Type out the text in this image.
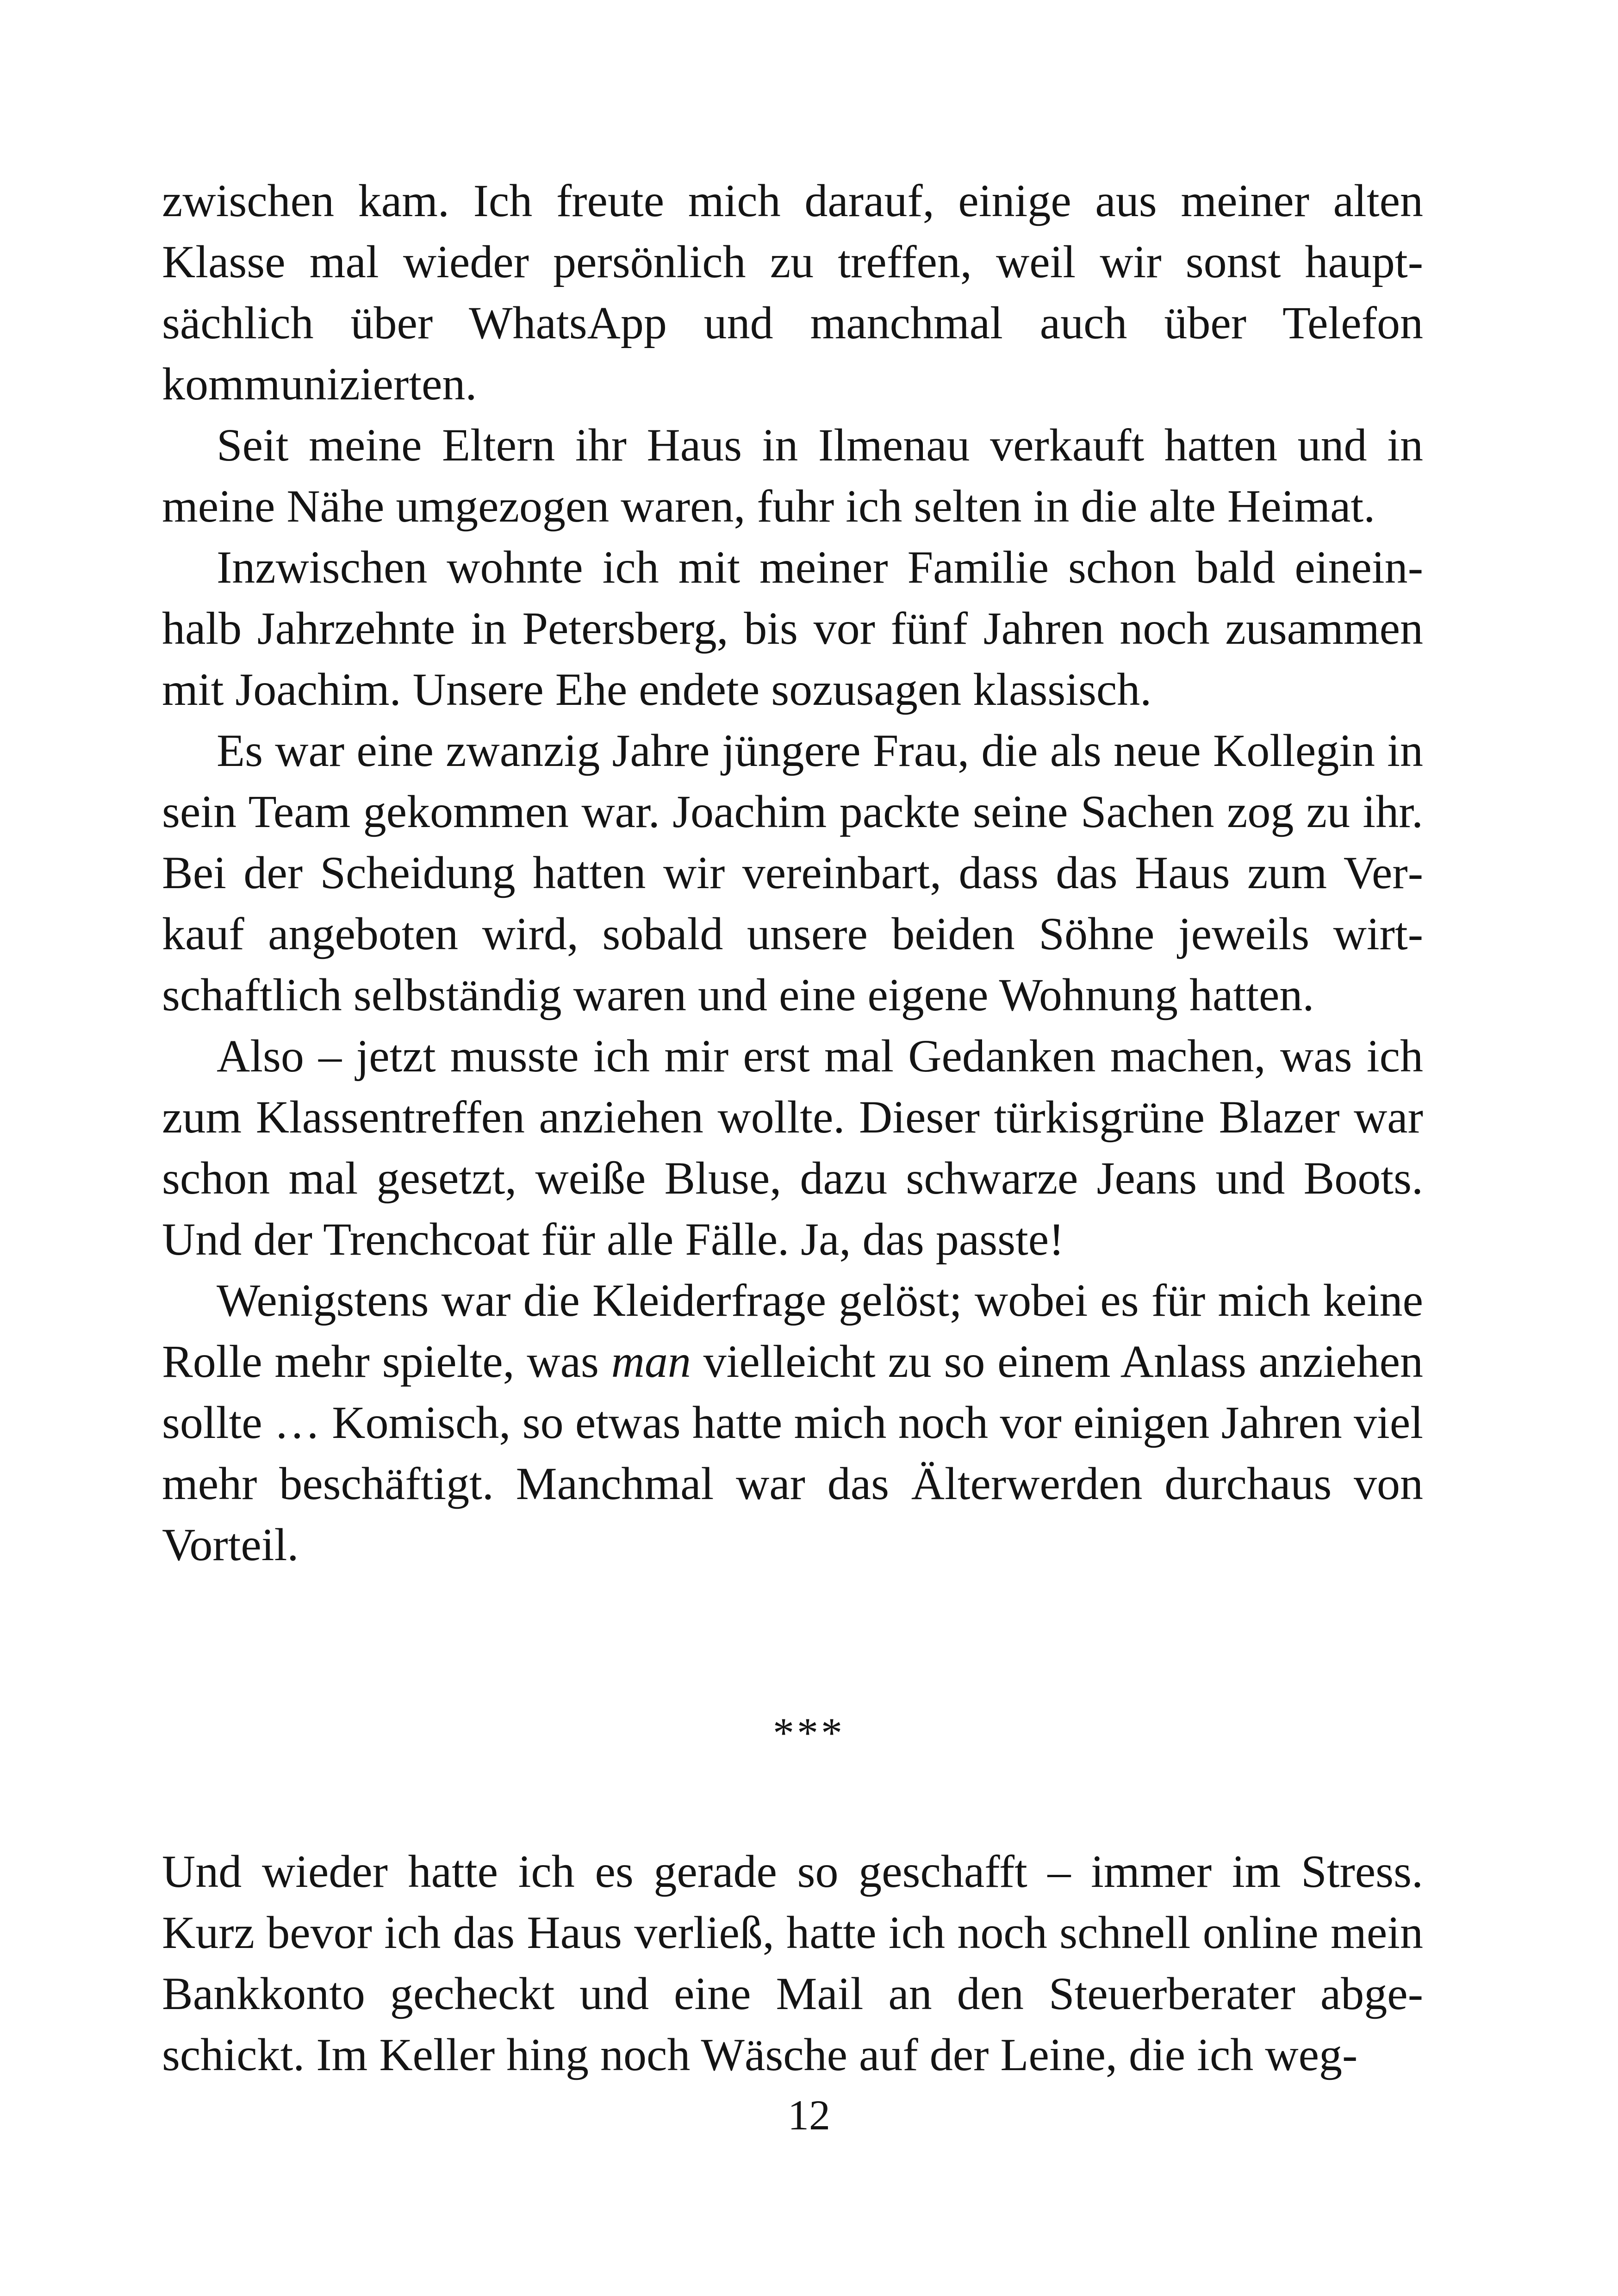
zwischen kam. Ich freute mich darauf, einige aus meiner alten Klasse mal wieder persönlich zu treffen, weil wir sonst hauptsächlich über WhatsApp und manchmal auch über Telefon kommunizierten.

Seit meine Eltern ihr Haus in Ilmenau verkauft hatten und in meine Nähe umgezogen waren, fuhr ich selten in die alte Heimat.

Inzwischen wohnte ich mit meiner Familie schon bald eineinhalb Jahrzehnte in Petersberg, bis vor fünf Jahren noch zusammen mit Joachim. Unsere Ehe endete sozusagen klassisch.

Es war eine zwanzig Jahre jüngere Frau, die als neue Kollegin in sein Team gekommen war. Joachim packte seine Sachen zog zu ihr. Bei der Scheidung hatten wir vereinbart, dass das Haus zum Verkauf angeboten wird, sobald unsere beiden Söhne jeweils wirtschaftlich selbständig waren und eine eigene Wohnung hatten.

Also – jetzt musste ich mir erst mal Gedanken machen, was ich zum Klassentreffen anziehen wollte. Dieser türkisgrüne Blazer war schon mal gesetzt, weiße Bluse, dazu schwarze Jeans und Boots. Und der Trenchcoat für alle Fälle. Ja, das passte!

Wenigstens war die Kleiderfrage gelöst; wobei es für mich keine Rolle mehr spielte, was man vielleicht zu so einem Anlass anziehen sollte … Komisch, so etwas hatte mich noch vor einigen Jahren viel mehr beschäftigt. Manchmal war das Älterwerden durchaus von Vorteil.

***

Und wieder hatte ich es gerade so geschafft – immer im Stress. Kurz bevor ich das Haus verließ, hatte ich noch schnell online mein Bankkonto gecheckt und eine Mail an den Steuerberater abgeschickt. Im Keller hing noch Wäsche auf der Leine, die ich weg-

12
